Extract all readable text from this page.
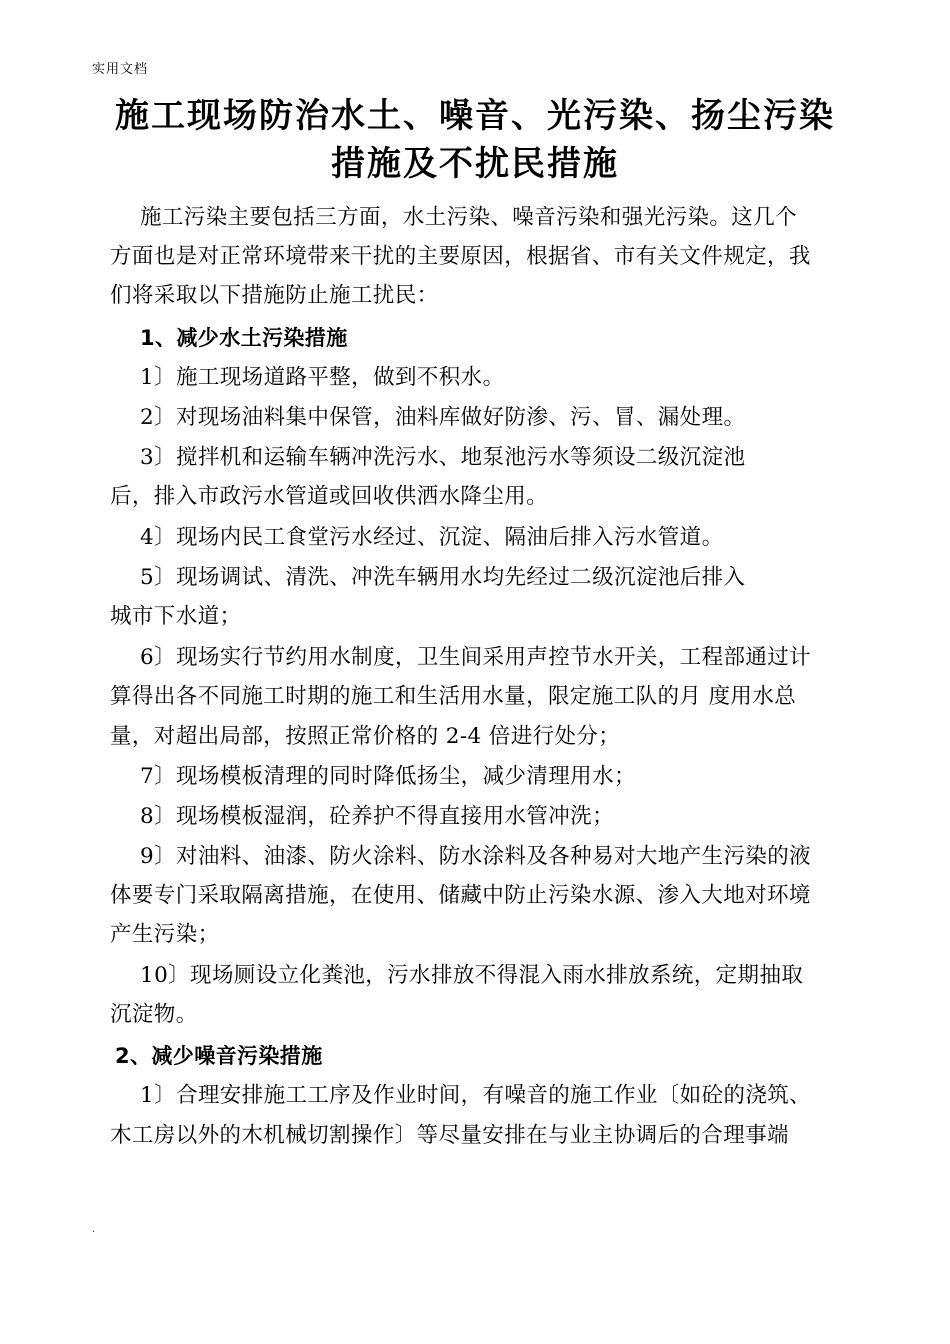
实用文档
施工现场防治水土、噪音、光污染、扬尘污染
措施及不扰民措施
施工污染主要包括三方面，水土污染、噪音污染和强光污染。这几个
方面也是对正常环境带来干扰的主要原因，根据省、市有关文件规定，我
们将采取以下措施防止施工扰民：
1、减少水土污染措施
1〕施工现场道路平整，做到不积水。
2〕对现场油料集中保管，油料库做好防渗、污、冒、漏处理。
3〕搅拌机和运输车辆冲洗污水、地泵池污水等须设二级沉淀池
后，排入市政污水管道或回收供洒水降尘用。
4〕现场内民工食堂污水经过、沉淀、隔油后排入污水管道。
5〕现场调试、清洗、冲洗车辆用水均先经过二级沉淀池后排入
城市下水道；
6〕现场实行节约用水制度，卫生间采用声控节水开关，工程部通过计
算得出各不同施工时期的施工和生活用水量，限定施工队的月 度用水总
量，对超出局部，按照正常价格的 2-4 倍进行处分；
7〕现场模板清理的同时降低扬尘，减少清理用水；
8〕现场模板湿润，砼养护不得直接用水管冲洗；
9〕对油料、油漆、防火涂料、防水涂料及各种易对大地产生污染的液
体要专门采取隔离措施，在使用、储藏中防止污染水源、渗入大地对环境
产生污染；
10〕现场厕设立化粪池，污水排放不得混入雨水排放系统，定期抽取
沉淀物。
2、减少噪音污染措施
1〕合理安排施工工序及作业时间，有噪音的施工作业〔如砼的浇筑、
木工房以外的木机械切割操作〕等尽量安排在与业主协调后的合理事端
.
